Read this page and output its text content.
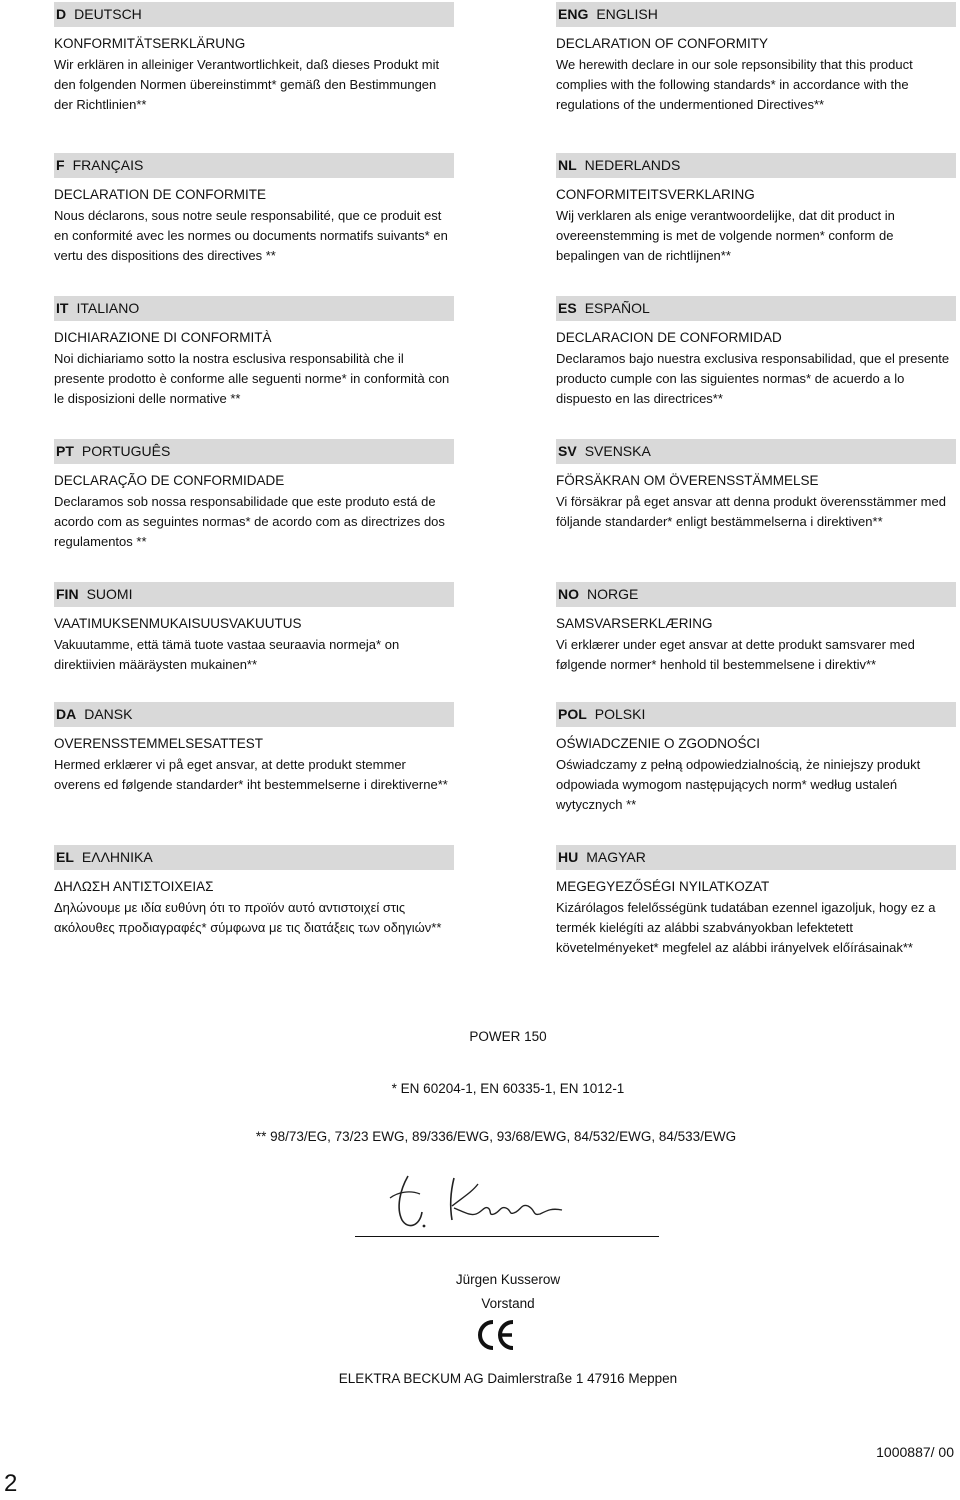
D DEUTSCH
KONFORMITÄTSERKLÄRUNG
Wir erklären in alleiniger Verantwortlichkeit, daß dieses Produkt mit den folgenden Normen übereinstimmt* gemäß den Bestimmungen der Richtlinien**
ENG ENGLISH
DECLARATION OF CONFORMITY
We herewith declare in our sole repsonsibility that this product complies with the following standards* in accordance with the regulations of the undermentioned Directives**
F FRANÇAIS
DECLARATION DE CONFORMITE
Nous déclarons, sous notre seule responsabilité, que ce produit est en conformité avec les normes ou documents normatifs suivants* en vertu des dispositions des directives **
NL NEDERLANDS
CONFORMITEITSVERKLARING
Wij verklaren als enige verantwoordelijke, dat dit product in overeenstemming is met de volgende normen* conform de bepalingen van de richtlijnen**
IT ITALIANO
DICHIARAZIONE DI CONFORMITÀ
Noi dichiariamo sotto la nostra esclusiva responsabilità che il presente prodotto è conforme alle seguenti norme* in conformità con le disposizioni delle normative **
ES ESPAÑOL
DECLARACION DE CONFORMIDAD
Declaramos bajo nuestra exclusiva responsabilidad, que el presente producto cumple con las siguientes normas* de acuerdo a lo dispuesto en las directrices**
PT PORTUGUÊS
DECLARAÇÃO DE CONFORMIDADE
Declaramos sob nossa responsabilidade que este produto está de acordo com as seguintes normas* de acordo com as directrizes dos regulamentos **
SV SVENSKA
FÖRSÄKRAN OM ÖVERENSSTÄMMELSE
Vi försäkrar på eget ansvar att denna produkt överensstämmer med följande standarder* enligt bestämmelserna i direktiven**
FIN SUOMI
VAATIMUKSENMUKAISUUSVAKUUTUS
Vakuutamme, että tämä tuote vastaa seuraavia normeja* on direktiivien määräysten mukainen**
NO NORGE
SAMSVARSERKLÆRING
Vi erklærer under eget ansvar at dette produkt samsvarer med følgende normer* henhold til bestemmelsene i direktiv**
DA DANSK
OVERENSSTEMMELSESATTEST
Hermed erklærer vi på eget ansvar, at dette produkt stemmer overens ed følgende standarder* iht bestemmelserne i direktiverne**
POL POLSKI
OŚWIADCZENIE O ZGODNOŚCI
Oświadczamy z pełną odpowiedzialnością, że niniejszy produkt odpowiada wymogom następujących norm* według ustaleń wytycznych **
EL ΕΛΛΗΝΙΚΑ
ΔΗΛΩΣΗ ΑΝΤΙΣΤΟΙΧΕΙΑΣ
Δηλώνουμε με ιδία ευθύνη ότι το προϊόν αυτό αντιστοιχεί στις ακόλουθες προδιαγραφές* σύμφωνα με τις διατάξεις των οδηγιών**
HU MAGYAR
MEGEGYEZŐSÉGI NYILATKOZAT
Kizárólagos felelősségünk tudatában ezennel igazoljuk, hogy ez a termék kielégíti az alábbi szabványokban lefektetett követelményeket* megfelel az alábbi irányelvek előírásainak**
POWER 150
* EN 60204-1, EN 60335-1, EN 1012-1
** 98/73/EG, 73/23 EWG, 89/336/EWG, 93/68/EWG, 84/532/EWG, 84/533/EWG
Jürgen Kusserow
Vorstand
ELEKTRA BECKUM AG Daimlerstraße 1 47916 Meppen
1000887/ 00
2
